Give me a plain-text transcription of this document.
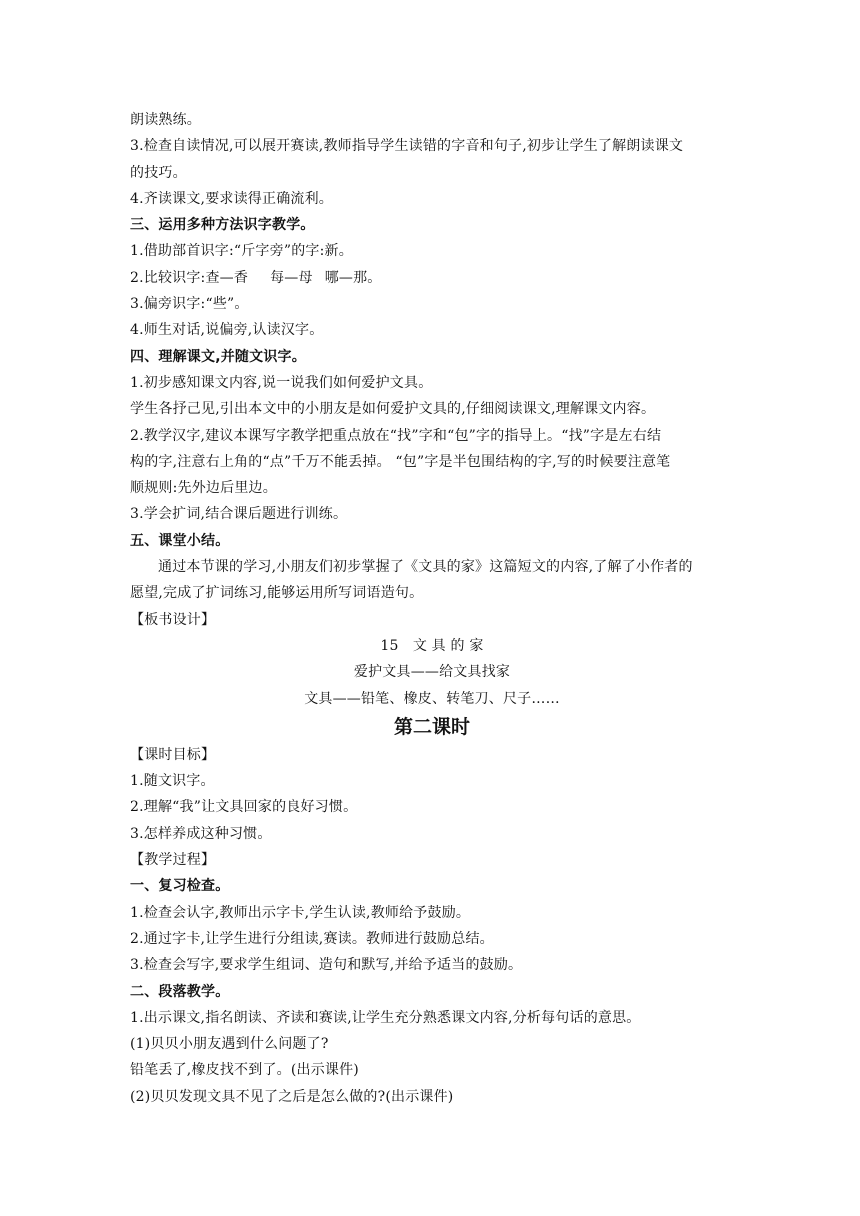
朗读熟练。
3.检查自读情况,可以展开赛读,教师指导学生读错的字音和句子,初步让学生了解朗读课文
的技巧。
4.齐读课文,要求读得正确流利。
三、运用多种方法识字教学。
1.借助部首识字:“斤字旁”的字:新。
2.比较识字:查—香 每—母 哪—那。
3.偏旁识字:“些”。
4.师生对话,说偏旁,认读汉字。
四、理解课文,并随文识字。
1.初步感知课文内容,说一说我们如何爱护文具。
学生各抒己见,引出本文中的小朋友是如何爱护文具的,仔细阅读课文,理解课文内容。
2.教学汉字,建议本课写字教学把重点放在“找”字和“包”字的指导上。“找”字是左右结
构的字,注意右上角的“点”千万不能丢掉。 “包”字是半包围结构的字,写的时候要注意笔
顺规则:先外边后里边。
3.学会扩词,结合课后题进行训练。
五、课堂小结。
通过本节课的学习,小朋友们初步掌握了《文具的家》这篇短文的内容,了解了小作者的
愿望,完成了扩词练习,能够运用所写词语造句。
【板书设计】
15　文 具 的 家
爱护文具——给文具找家
文具——铅笔、橡皮、转笔刀、尺子……
第二课时
【课时目标】
1.随文识字。
2.理解“我”让文具回家的良好习惯。
3.怎样养成这种习惯。
【教学过程】
一、复习检查。
1.检查会认字,教师出示字卡,学生认读,教师给予鼓励。
2.通过字卡,让学生进行分组读,赛读。教师进行鼓励总结。
3.检查会写字,要求学生组词、造句和默写,并给予适当的鼓励。
二、段落教学。
1.出示课文,指名朗读、齐读和赛读,让学生充分熟悉课文内容,分析每句话的意思。
(1)贝贝小朋友遇到什么问题了?
铅笔丢了,橡皮找不到了。(出示课件)
(2)贝贝发现文具不见了之后是怎么做的?(出示课件)
